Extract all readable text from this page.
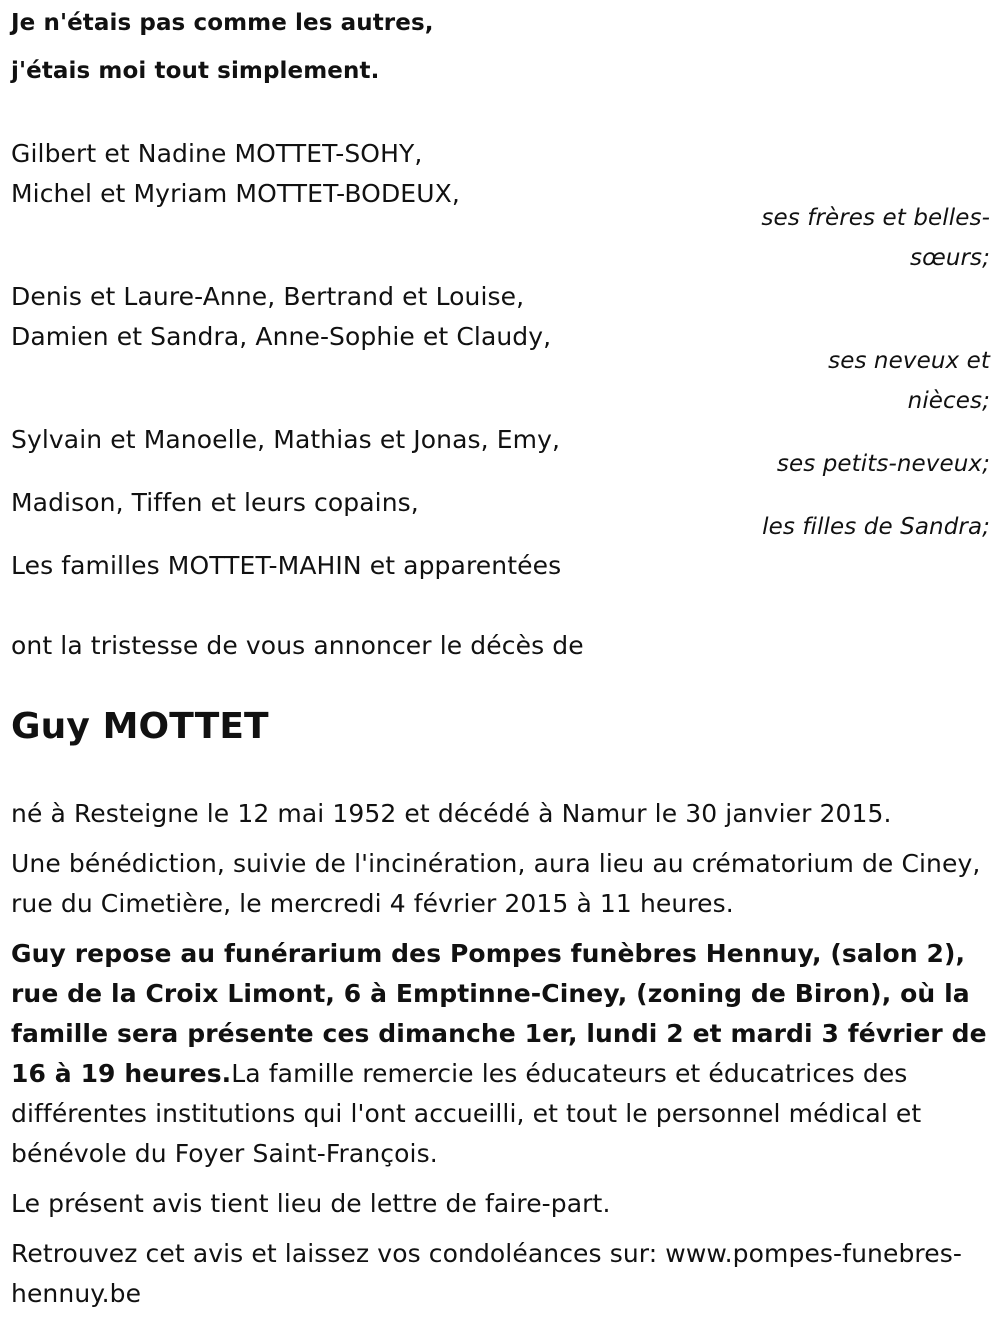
Je n'étais pas comme les autres,

j'étais moi tout simplement.

Gilbert et Nadine MOTTET-SOHY,

Michel et Myriam MOTTET-BODEUX,

ses frères et belles-

sœurs;

Denis et Laure-Anne, Bertrand et Louise,

Damien et Sandra, Anne-Sophie et Claudy,

ses neveux et

nièces;

Sylvain et Manoelle, Mathias et Jonas, Emy,

ses petits-neveux;

Madison, Tiffen et leurs copains,

les filles de Sandra;

Les familles MOTTET-MAHIN et apparentées

ont la tristesse de vous annoncer le décès de

Guy MOTTET

né à Resteigne le 12 mai 1952 et décédé à Namur le 30 janvier 2015.

Une bénédiction, suivie de l'incinération, aura lieu au crématorium de Ciney, rue du Cimetière, le mercredi 4 février 2015 à 11 heures.

Guy repose au funérarium des Pompes funèbres Hennuy, (salon 2), rue de la Croix Limont, 6 à Emptinne-Ciney, (zoning de Biron), où la famille sera présente ces dimanche 1er, lundi 2 et mardi 3 février de 16 à 19 heures.La famille remercie les éducateurs et éducatrices des différentes institutions qui l'ont accueilli, et tout le personnel médical et bénévole du Foyer Saint-François.

Le présent avis tient lieu de lettre de faire-part.

Retrouvez cet avis et laissez vos condoléances sur: www.pompes-funebres-hennuy.be
